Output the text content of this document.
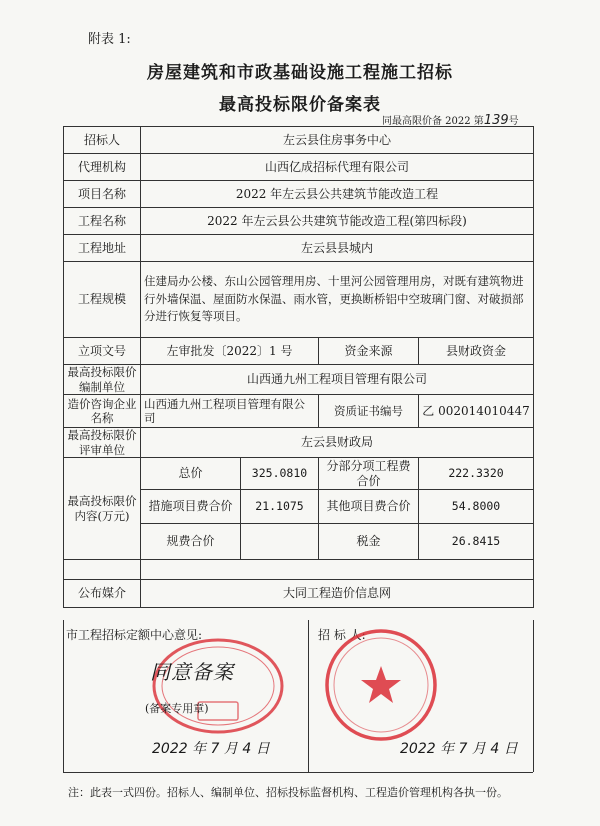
附表 1:
房屋建筑和市政基础设施工程施工招标
最高投标限价备案表
同最高限价备 2022 第139号
招标人	左云县住房事务中心			
代理机构	山西亿成招标代理有限公司			
项目名称	2022 年左云县公共建筑节能改造工程			
工程名称	2022 年左云县公共建筑节能改造工程(第四标段)			
工程地址	左云县县城内			
工程规模	住建局办公楼、东山公园管理用房、十里河公园管理用房，对既有建筑物进行外墙保温、屋面防水保温、雨水管，更换断桥铝中空玻璃门窗、对破损部分进行恢复等项目。			
立项文号	左审批发〔2022〕1 号		资金来源	县财政资金
最高投标限价编制单位	山西通九州工程项目管理有限公司			
造价咨询企业名称	山西通九州工程项目管理有限公司		资质证书编号	乙 002014010447
最高投标限价评审单位	左云县财政局			
最高投标限价内容(万元)	总价	325.0810	分部分项工程费合价	222.3320
	措施项目费合价	21.1075	其他项目费合价	54.8000
	规费合价		税金	26.8415

公布媒介	大同工程造价信息网			
市工程招标定额中心意见:	招 标 人:
同意备案
(备案专用章)
2022 年 7 月 4 日	2022 年 7 月 4 日
注：此表一式四份。招标人、编制单位、招标投标监督机构、工程造价管理机构各执一份。
